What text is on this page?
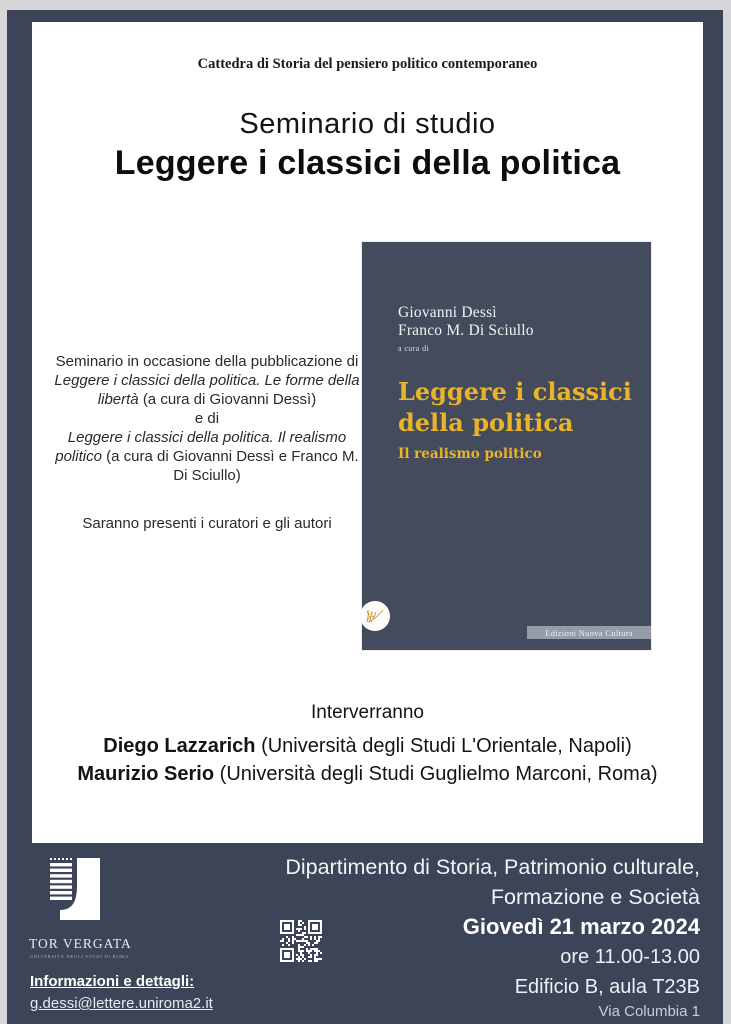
Cattedra di Storia del pensiero politico contemporaneo
Seminario di studio
Leggere i classici della politica

Seminario in occasione della pubblicazione di

Leggere i classici della politica. Le forme della libertà (a cura di Giovanni Dessì)

e di

Leggere i classici della politica. Il realismo politico (a cura di Giovanni Dessì e Franco M. Di Sciullo)

Saranno presenti i curatori e gli autori

Giovanni Dessì
Franco M. Di Sciullo
a cura di
Leggere i classici
della politica
Il realismo politico
Edizioni Nuova Cultura

Interverranno

Diego Lazzarich (Università degli Studi L'Orientale, Napoli)

Maurizio Serio (Università degli Studi Guglielmo Marconi, Roma)

TOR VERGATA
UNIVERSITÀ DEGLI STUDI DI ROMA
Informazioni e dettagli:
g.dessi@lettere.uniroma2.it

Dipartimento di Storia, Patrimonio culturale,

Formazione e Società

Giovedì 21 marzo 2024

ore 11.00-13.00

Edificio B, aula T23B

Via Columbia 1
